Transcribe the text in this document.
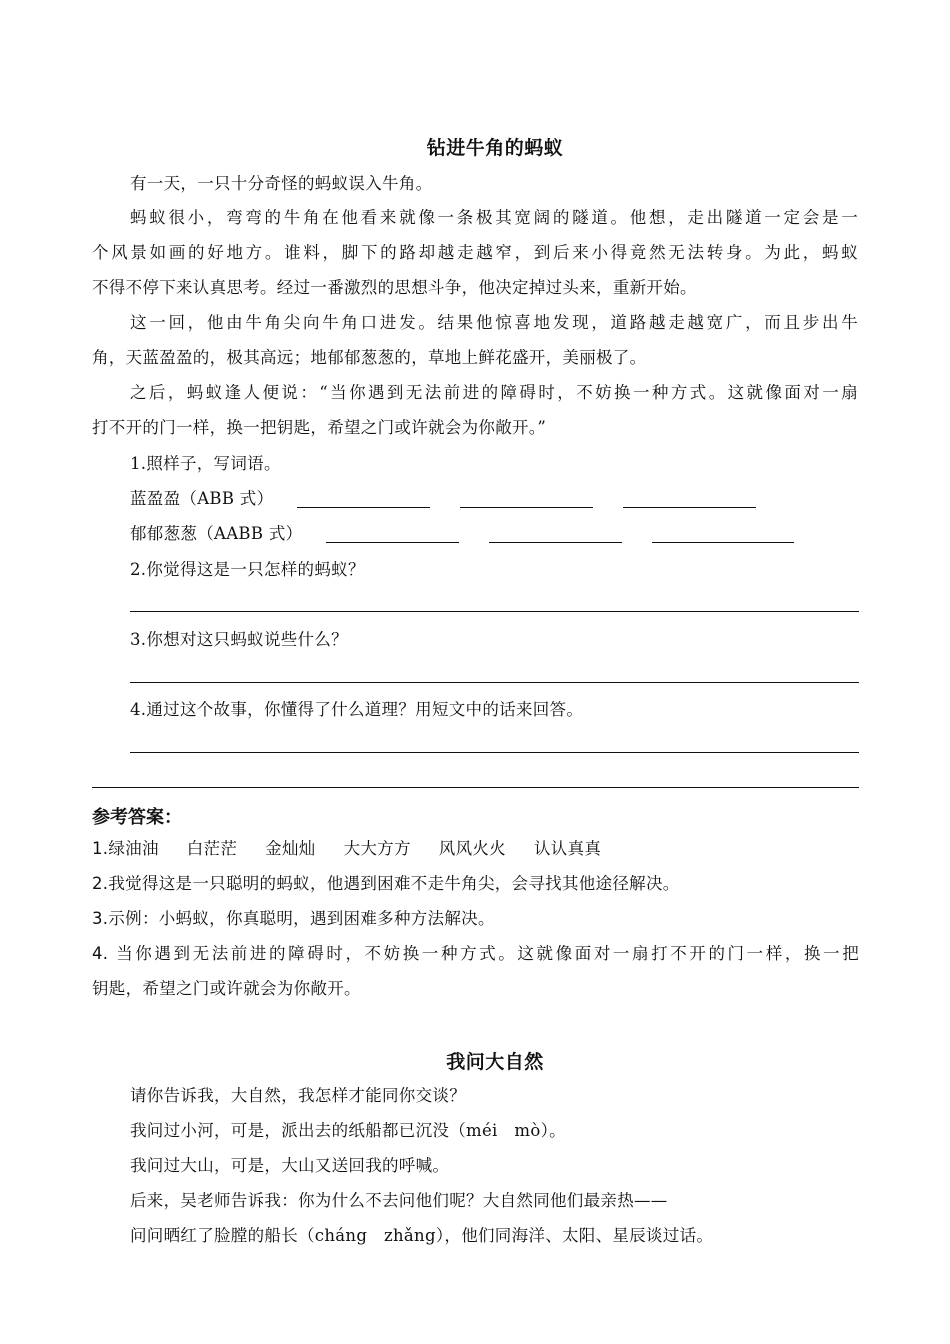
钻进牛角的蚂蚁
有一天，一只十分奇怪的蚂蚁误入牛角。
蚂蚁很小，弯弯的牛角在他看来就像一条极其宽阔的隧道。他想，走出隧道一定会是一
个风景如画的好地方。谁料，脚下的路却越走越窄，到后来小得竟然无法转身。为此，蚂蚁
不得不停下来认真思考。经过一番激烈的思想斗争，他决定掉过头来，重新开始。
这一回，他由牛角尖向牛角口进发。结果他惊喜地发现，道路越走越宽广，而且步出牛
角，天蓝盈盈的，极其高远；地郁郁葱葱的，草地上鲜花盛开，美丽极了。
之后，蚂蚁逢人便说：“当你遇到无法前进的障碍时，不妨换一种方式。这就像面对一扇
打不开的门一样，换一把钥匙，希望之门或许就会为你敞开。”
1.照样子，写词语。
蓝盈盈（ABB 式）
郁郁葱葱（AABB 式）
2.你觉得这是一只怎样的蚂蚁？
3.你想对这只蚂蚁说些什么？
4.通过这个故事，你懂得了什么道理？用短文中的话来回答。
参考答案：
1.绿油油 白茫茫 金灿灿 大大方方 风风火火 认认真真
2.我觉得这是一只聪明的蚂蚁，他遇到困难不走牛角尖，会寻找其他途径解决。
3.示例：小蚂蚁，你真聪明，遇到困难多种方法解决。
4. 当你遇到无法前进的障碍时，不妨换一种方式。这就像面对一扇打不开的门一样，换一把
钥匙，希望之门或许就会为你敞开。
我问大自然
请你告诉我，大自然，我怎样才能同你交谈？
我问过小河，可是，派出去的纸船都已沉没（méi　mò）。
我问过大山，可是，大山又送回我的呼喊。
后来，吴老师告诉我：你为什么不去问他们呢？大自然同他们最亲热——
问问晒红了脸膛的船长（cháng　zhǎng），他们同海洋、太阳、星辰谈过话。
